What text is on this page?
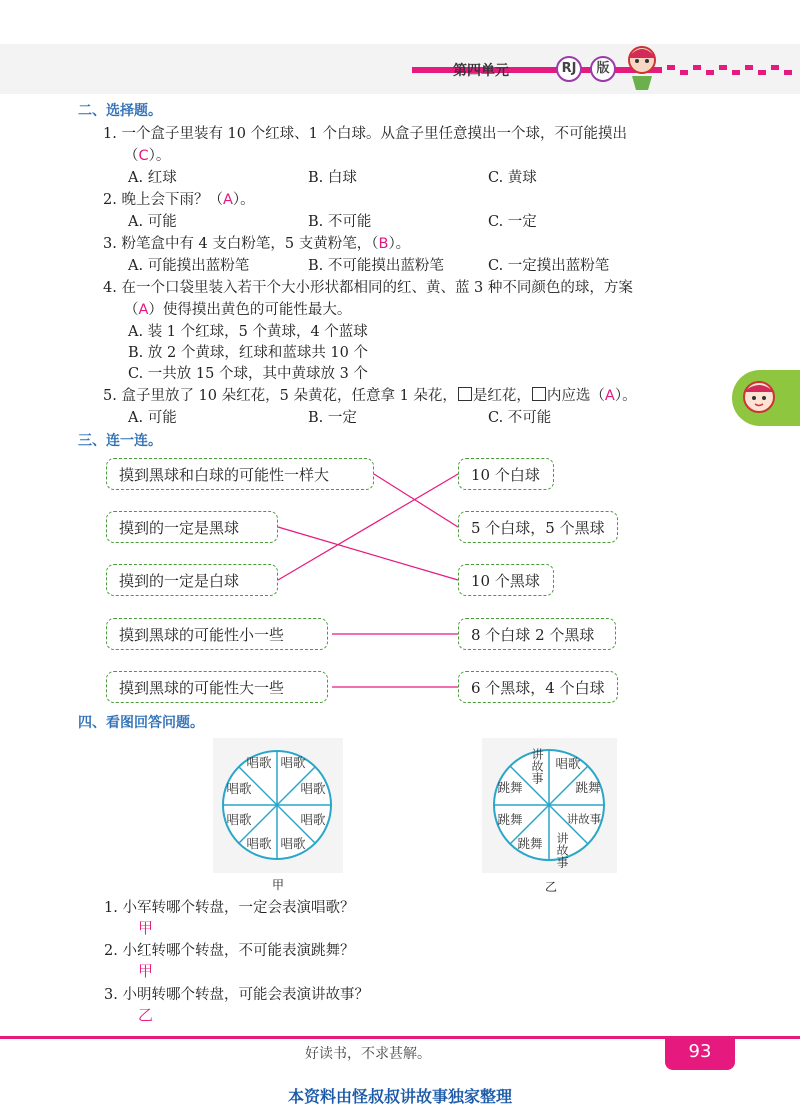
第四单元	RJ	版
二、选择题。
1. 一个盒子里装有 10 个红球、1 个白球。从盒子里任意摸出一个球，不可能摸出
（C）。
A. 红球	B. 白球	C. 黄球
2. 晚上会下雨？（A）。
A. 可能	B. 不可能	C. 一定
3. 粉笔盒中有 4 支白粉笔，5 支黄粉笔，（B）。
A. 可能摸出蓝粉笔	B. 不可能摸出蓝粉笔	C. 一定摸出蓝粉笔
4. 在一个口袋里装入若干个大小形状都相同的红、黄、蓝 3 种不同颜色的球，方案
（A）使得摸出黄色的可能性最大。
A. 装 1 个红球，5 个黄球，4 个蓝球
B. 放 2 个黄球，红球和蓝球共 10 个
C. 一共放 15 个球，其中黄球放 3 个
5. 盒子里放了 10 朵红花，5 朵黄花，任意拿 1 朵花， 是红花， 内应选（A）。
A. 可能	B. 一定	C. 不可能
三、连一连。
摸到黑球和白球的可能性一样大
摸到的一定是黑球
摸到的一定是白球
摸到黑球的可能性小一些
摸到黑球的可能性大一些
10 个白球
5 个白球，5 个黑球
10 个黑球
8 个白球 2 个黑球
6 个黑球，4 个白球
四、看图回答问题。
唱歌 唱歌
唱歌
唱歌
唱歌
唱歌
唱歌
唱歌
甲
唱歌
跳舞
讲故事
讲故事
跳舞
跳舞
跳舞
讲故事
乙
1. 小军转哪个转盘，一定会表演唱歌？
甲
2. 小红转哪个转盘，不可能表演跳舞？
甲
3. 小明转哪个转盘，可能会表演讲故事？
乙
好读书，不求甚解。	93
本资料由怪叔叔讲故事独家整理
